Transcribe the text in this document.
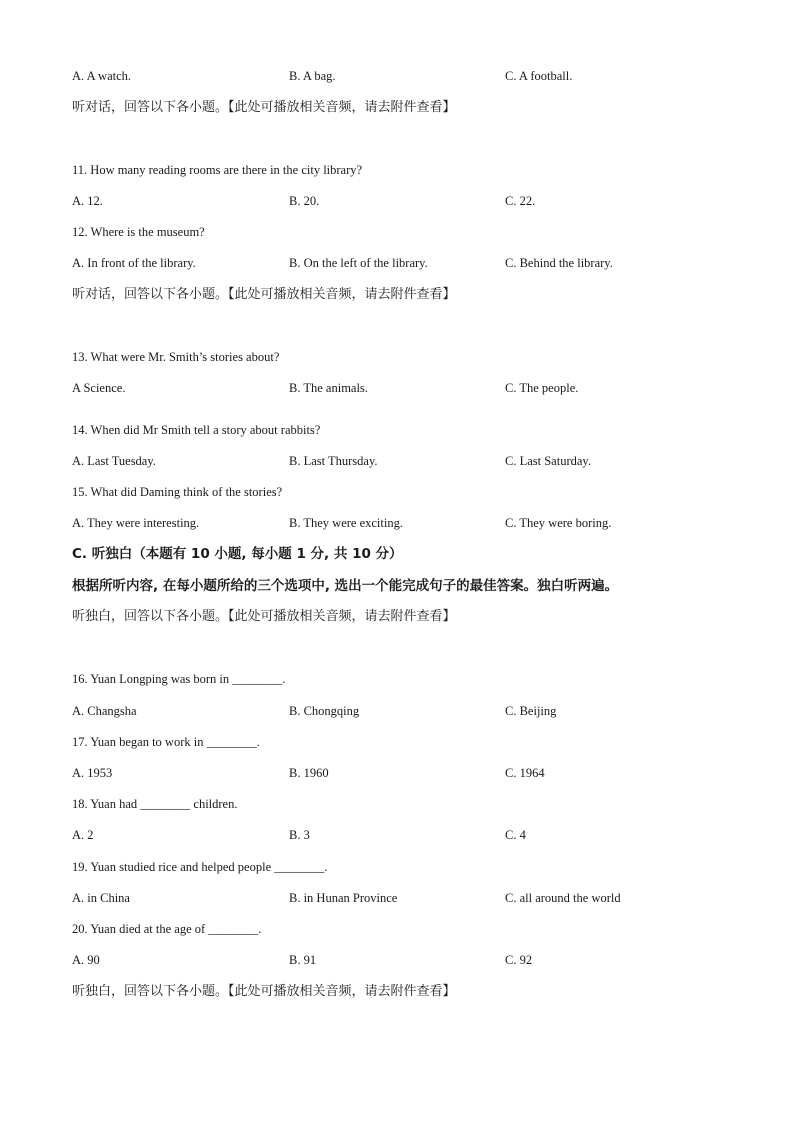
A. A watch.	B. A bag.	C. A football.
听对话，回答以下各小题。【此处可播放相关音频，请去附件查看】
11. How many reading rooms are there in the city library?
A. 12.	B. 20.	C. 22.
12. Where is the museum?
A. In front of the library.	B. On the left of the library.	C. Behind the library.
听对话，回答以下各小题。【此处可播放相关音频，请去附件查看】
13. What were Mr. Smith’s stories about?
A Science.	B. The animals.	C. The people.
14. When did Mr Smith tell a story about rabbits?
A. Last Tuesday.	B. Last Thursday.	C. Last Saturday.
15. What did Daming think of the stories?
A. They were interesting.	B. They were exciting.	C. They were boring.
C. 听独白（本题有 10 小题, 每小题 1 分, 共 10 分）
根据所听内容, 在每小题所给的三个选项中, 选出一个能完成句子的最佳答案。独白听两遍。
听独白，回答以下各小题。【此处可播放相关音频，请去附件查看】
16. Yuan Longping was born in ________.
A. Changsha	B. Chongqing	C. Beijing
17. Yuan began to work in ________.
A. 1953	B. 1960	C. 1964
18. Yuan had ________ children.
A. 2	B. 3	C. 4
19. Yuan studied rice and helped people ________.
A. in China	B. in Hunan Province	C. all around the world
20. Yuan died at the age of ________.
A. 90	B. 91	C. 92
听独白，回答以下各小题。【此处可播放相关音频，请去附件查看】
